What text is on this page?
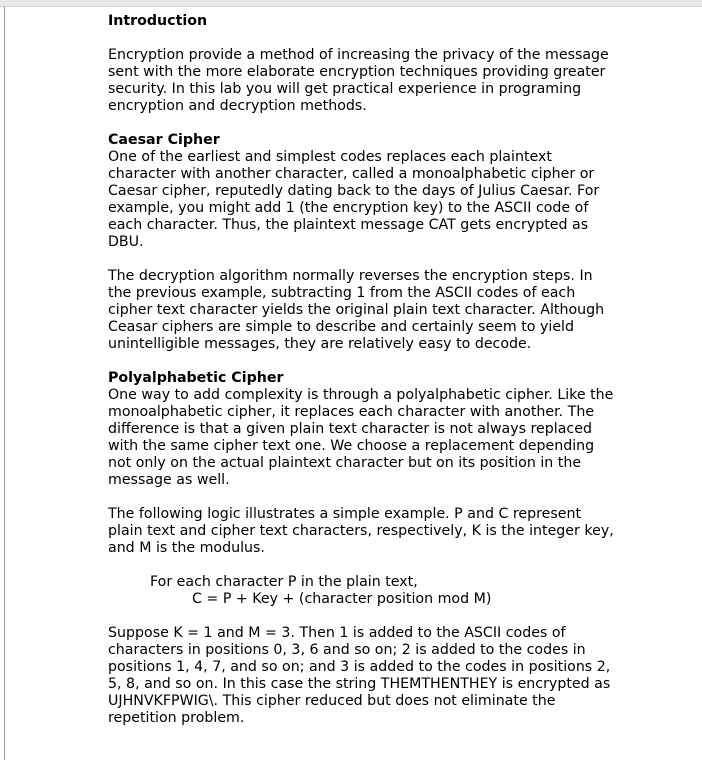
Introduction

Encryption provide a method of increasing the privacy of the message

sent with the more elaborate encryption techniques providing greater

security. In this lab you will get practical experience in programing

encryption and decryption methods.

Caesar Cipher

One of the earliest and simplest codes replaces each plaintext

character with another character, called a monoalphabetic cipher or

Caesar cipher, reputedly dating back to the days of Julius Caesar. For

example, you might add 1 (the encryption key) to the ASCII code of

each character. Thus, the plaintext message CAT gets encrypted as

DBU.

The decryption algorithm normally reverses the encryption steps. In

the previous example, subtracting 1 from the ASCII codes of each

cipher text character yields the original plain text character. Although

Ceasar ciphers are simple to describe and certainly seem to yield

unintelligible messages, they are relatively easy to decode.

Polyalphabetic Cipher

One way to add complexity is through a polyalphabetic cipher. Like the

monoalphabetic cipher, it replaces each character with another. The

difference is that a given plain text character is not always replaced

with the same cipher text one. We choose a replacement depending

not only on the actual plaintext character but on its position in the

message as well.

The following logic illustrates a simple example. P and C represent

plain text and cipher text characters, respectively, K is the integer key,

and M is the modulus.

For each character P in the plain text,

C = P + Key + (character position mod M)

Suppose K = 1 and M = 3. Then 1 is added to the ASCII codes of

characters in positions 0, 3, 6 and so on; 2 is added to the codes in

positions 1, 4, 7, and so on; and 3 is added to the codes in positions 2,

5, 8, and so on. In this case the string THEMTHENTHEY is encrypted as

UJHNVKFPWIG\. This cipher reduced but does not eliminate the

repetition problem.
